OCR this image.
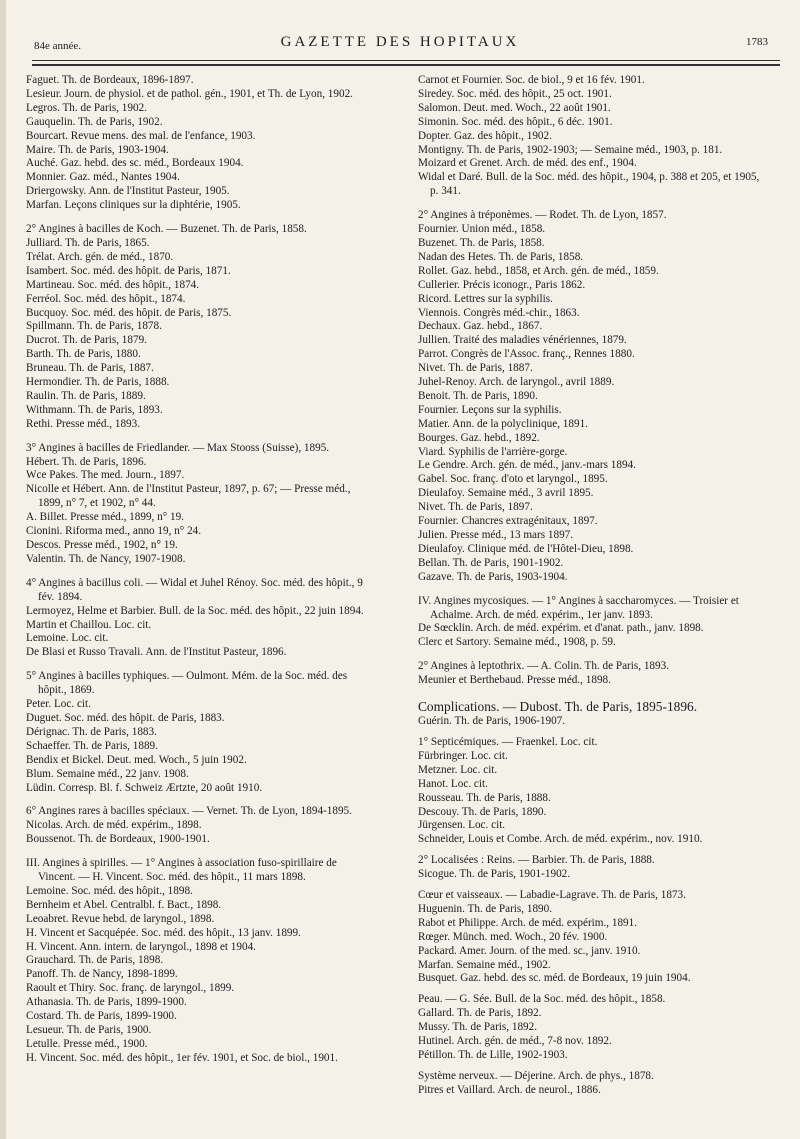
84e année.	GAZETTE DES HOPITAUX	1783
Faguet. Th. de Bordeaux, 1896-1897.
Lesieur. Journ. de physiol. et de pathol. gén., 1901, et Th. de Lyon, 1902.
Legros. Th. de Paris, 1902.
Gauquelin. Th. de Paris, 1902.
Bourcart. Revue mens. des mal. de l'enfance, 1903.
Maire. Th. de Paris, 1903-1904.
Auché. Gaz. hebd. des sc. méd., Bordeaux 1904.
Monnier. Gaz. méd., Nantes 1904.
Driergowsky. Ann. de l'Institut Pasteur, 1905.
Marfan. Leçons cliniques sur la diphtérie, 1905.
2° Angines à bacilles de Koch. — Buzenet. Th. de Paris, 1858.
Julliard. Th. de Paris, 1865.
Trélat. Arch. gén. de méd., 1870.
Isambert. Soc. méd. des hôpit. de Paris, 1871.
Martineau. Soc. méd. des hôpit., 1874.
Ferréol. Soc. méd. des hôpit., 1874.
Bucquoy. Soc. méd. des hôpit. de Paris, 1875.
Spillmann. Th. de Paris, 1878.
Ducrot. Th. de Paris, 1879.
Barth. Th. de Paris, 1880.
Bruneau. Th. de Paris, 1887.
Hermondier. Th. de Paris, 1888.
Raulin. Th. de Paris, 1889.
Withmann. Th. de Paris, 1893.
Rethi. Presse méd., 1893.
3° Angines à bacilles de Friedlander. — Max Stooss (Suisse), 1895.
Hébert. Th. de Paris, 1896.
Wce Pakes. The med. Journ., 1897.
Nicolle et Hébert. Ann. de l'Institut Pasteur, 1897, p. 67; — Presse méd., 1899, n° 7, et 1902, n° 44.
A. Billet. Presse méd., 1899, n° 19.
Cionini. Riforma med., anno 19, n° 24.
Descos. Presse méd., 1902, n° 19.
Valentin. Th. de Nancy, 1907-1908.
4° Angines à bacillus coli. — Widal et Juhel Rénoy. Soc. méd. des hôpit., 9 fév. 1894.
Lermoyez, Helme et Barbier. Bull. de la Soc. méd. des hôpit., 22 juin 1894.
Martin et Chaillou. Loc. cit.
Lemoine. Loc. cit.
De Blasi et Russo Travali. Ann. de l'Institut Pasteur, 1896.
5° Angines à bacilles typhiques. — Oulmont. Mém. de la Soc. méd. des hôpit., 1869.
Peter. Loc. cit.
Duguet. Soc. méd. des hôpit. de Paris, 1883.
Dérignac. Th. de Paris, 1883.
Schaeffer. Th. de Paris, 1889.
Bendix et Bickel. Deut. med. Woch., 5 juin 1902.
Blum. Semaine méd., 22 janv. 1908.
Lüdin. Corresp. Bl. f. Schweiz Ærtzte, 20 août 1910.
6° Angines rares à bacilles spéciaux. — Vernet. Th. de Lyon, 1894-1895.
Nicolas. Arch. de méd. expérim., 1898.
Boussenot. Th. de Bordeaux, 1900-1901.
III. Angines à spirilles. — 1° Angines à association fuso-spirillaire de Vincent. — H. Vincent. Soc. méd. des hôpit., 11 mars 1898.
Lemoine. Soc. méd. des hôpit., 1898.
Bernheim et Abel. Centralbl. f. Bact., 1898.
Leoabret. Revue hebd. de laryngol., 1898.
H. Vincent et Sacquépée. Soc. méd. des hôpit., 13 janv. 1899.
H. Vincent. Ann. intern. de laryngol., 1898 et 1904.
Grauchard. Th. de Paris, 1898.
Panoff. Th. de Nancy, 1898-1899.
Raoult et Thiry. Soc. franç. de laryngol., 1899.
Athanasia. Th. de Paris, 1899-1900.
Costard. Th. de Paris, 1899-1900.
Lesueur. Th. de Paris, 1900.
Letulle. Presse méd., 1900.
H. Vincent. Soc. méd. des hôpit., 1er fév. 1901, et Soc. de biol., 1901.
Carnot et Fournier. Soc. de biol., 9 et 16 fév. 1901.
Siredey. Soc. méd. des hôpit., 25 oct. 1901.
Salomon. Deut. med. Woch., 22 août 1901.
Simonin. Soc. méd. des hôpit., 6 déc. 1901.
Dopter. Gaz. des hôpit., 1902.
Montigny. Th. de Paris, 1902-1903; — Semaine méd., 1903, p. 181.
Moizard et Grenet. Arch. de méd. des enf., 1904.
Widal et Daré. Bull. de la Soc. méd. des hôpit., 1904, p. 388 et 205, et 1905, p. 341.
2° Angines à tréponèmes. — Rodet. Th. de Lyon, 1857.
Fournier. Union méd., 1858.
Buzenet. Th. de Paris, 1858.
Nadan des Hetes. Th. de Paris, 1858.
Rollet. Gaz. hebd., 1858, et Arch. gén. de méd., 1859.
Cullerier. Précis iconogr., Paris 1862.
Ricord. Lettres sur la syphilis.
Viennois. Congrès méd.-chir., 1863.
Dechaux. Gaz. hebd., 1867.
Jullien. Traité des maladies vénériennes, 1879.
Parrot. Congrès de l'Assoc. franç., Rennes 1880.
Nivet. Th. de Paris, 1887.
Juhel-Renoy. Arch. de laryngol., avril 1889.
Benoit. Th. de Paris, 1890.
Fournier. Leçons sur la syphilis.
Matier. Ann. de la polyclinique, 1891.
Bourges. Gaz. hebd., 1892.
Viard. Syphilis de l'arrière-gorge.
Le Gendre. Arch. gén. de méd., janv.-mars 1894.
Gabel. Soc. franç. d'oto et laryngol., 1895.
Dieulafoy. Semaine méd., 3 avril 1895.
Nivet. Th. de Paris, 1897.
Fournier. Chancres extragénitaux, 1897.
Julien. Presse méd., 13 mars 1897.
Dieulafoy. Clinique méd. de l'Hôtel-Dieu, 1898.
Bellan. Th. de Paris, 1901-1902.
Gazave. Th. de Paris, 1903-1904.
IV. Angines mycosiques. — 1° Angines à saccharomyces. — Troisier et Achalme. Arch. de méd. expérim., 1er janv. 1893.
De Sœcklin. Arch. de méd. expérim. et d'anat. path., janv. 1898.
Clerc et Sartory. Semaine méd., 1908, p. 59.
2° Angines à leptothrix. — A. Colin. Th. de Paris, 1893.
Meunier et Berthebaud. Presse méd., 1898.
Complications. — Dubost. Th. de Paris, 1895-1896.
Guérin. Th. de Paris, 1906-1907.
1° Septicémiques. — Fraenkel. Loc. cit.
Fürbringer. Loc. cit.
Metzner. Loc. cit.
Hanot. Loc. cit.
Rousseau. Th. de Paris, 1888.
Descouy. Th. de Paris, 1890.
Jürgensen. Loc. cit.
Schneider, Louis et Combe. Arch. de méd. expérim., nov. 1910.
2° Localisées : Reins. — Barbier. Th. de Paris, 1888.
Sicogue. Th. de Paris, 1901-1902.
Cœur et vaisseaux. — Labadie-Lagrave. Th. de Paris, 1873.
Huguenin. Th. de Paris, 1890.
Rabot et Philippe. Arch. de méd. expérim., 1891.
Rœger. Münch. med. Woch., 20 fév. 1900.
Packard. Amer. Journ. of the med. sc., janv. 1910.
Marfan. Semaine méd., 1902.
Busquet. Gaz. hebd. des sc. méd. de Bordeaux, 19 juin 1904.
Peau. — G. Sée. Bull. de la Soc. méd. des hôpit., 1858.
Gallard. Th. de Paris, 1892.
Mussy. Th. de Paris, 1892.
Hutinel. Arch. gén. de méd., 7-8 nov. 1892.
Pétillon. Th. de Lille, 1902-1903.
Système nerveux. — Déjerine. Arch. de phys., 1878.
Pitres et Vaillard. Arch. de neurol., 1886.
